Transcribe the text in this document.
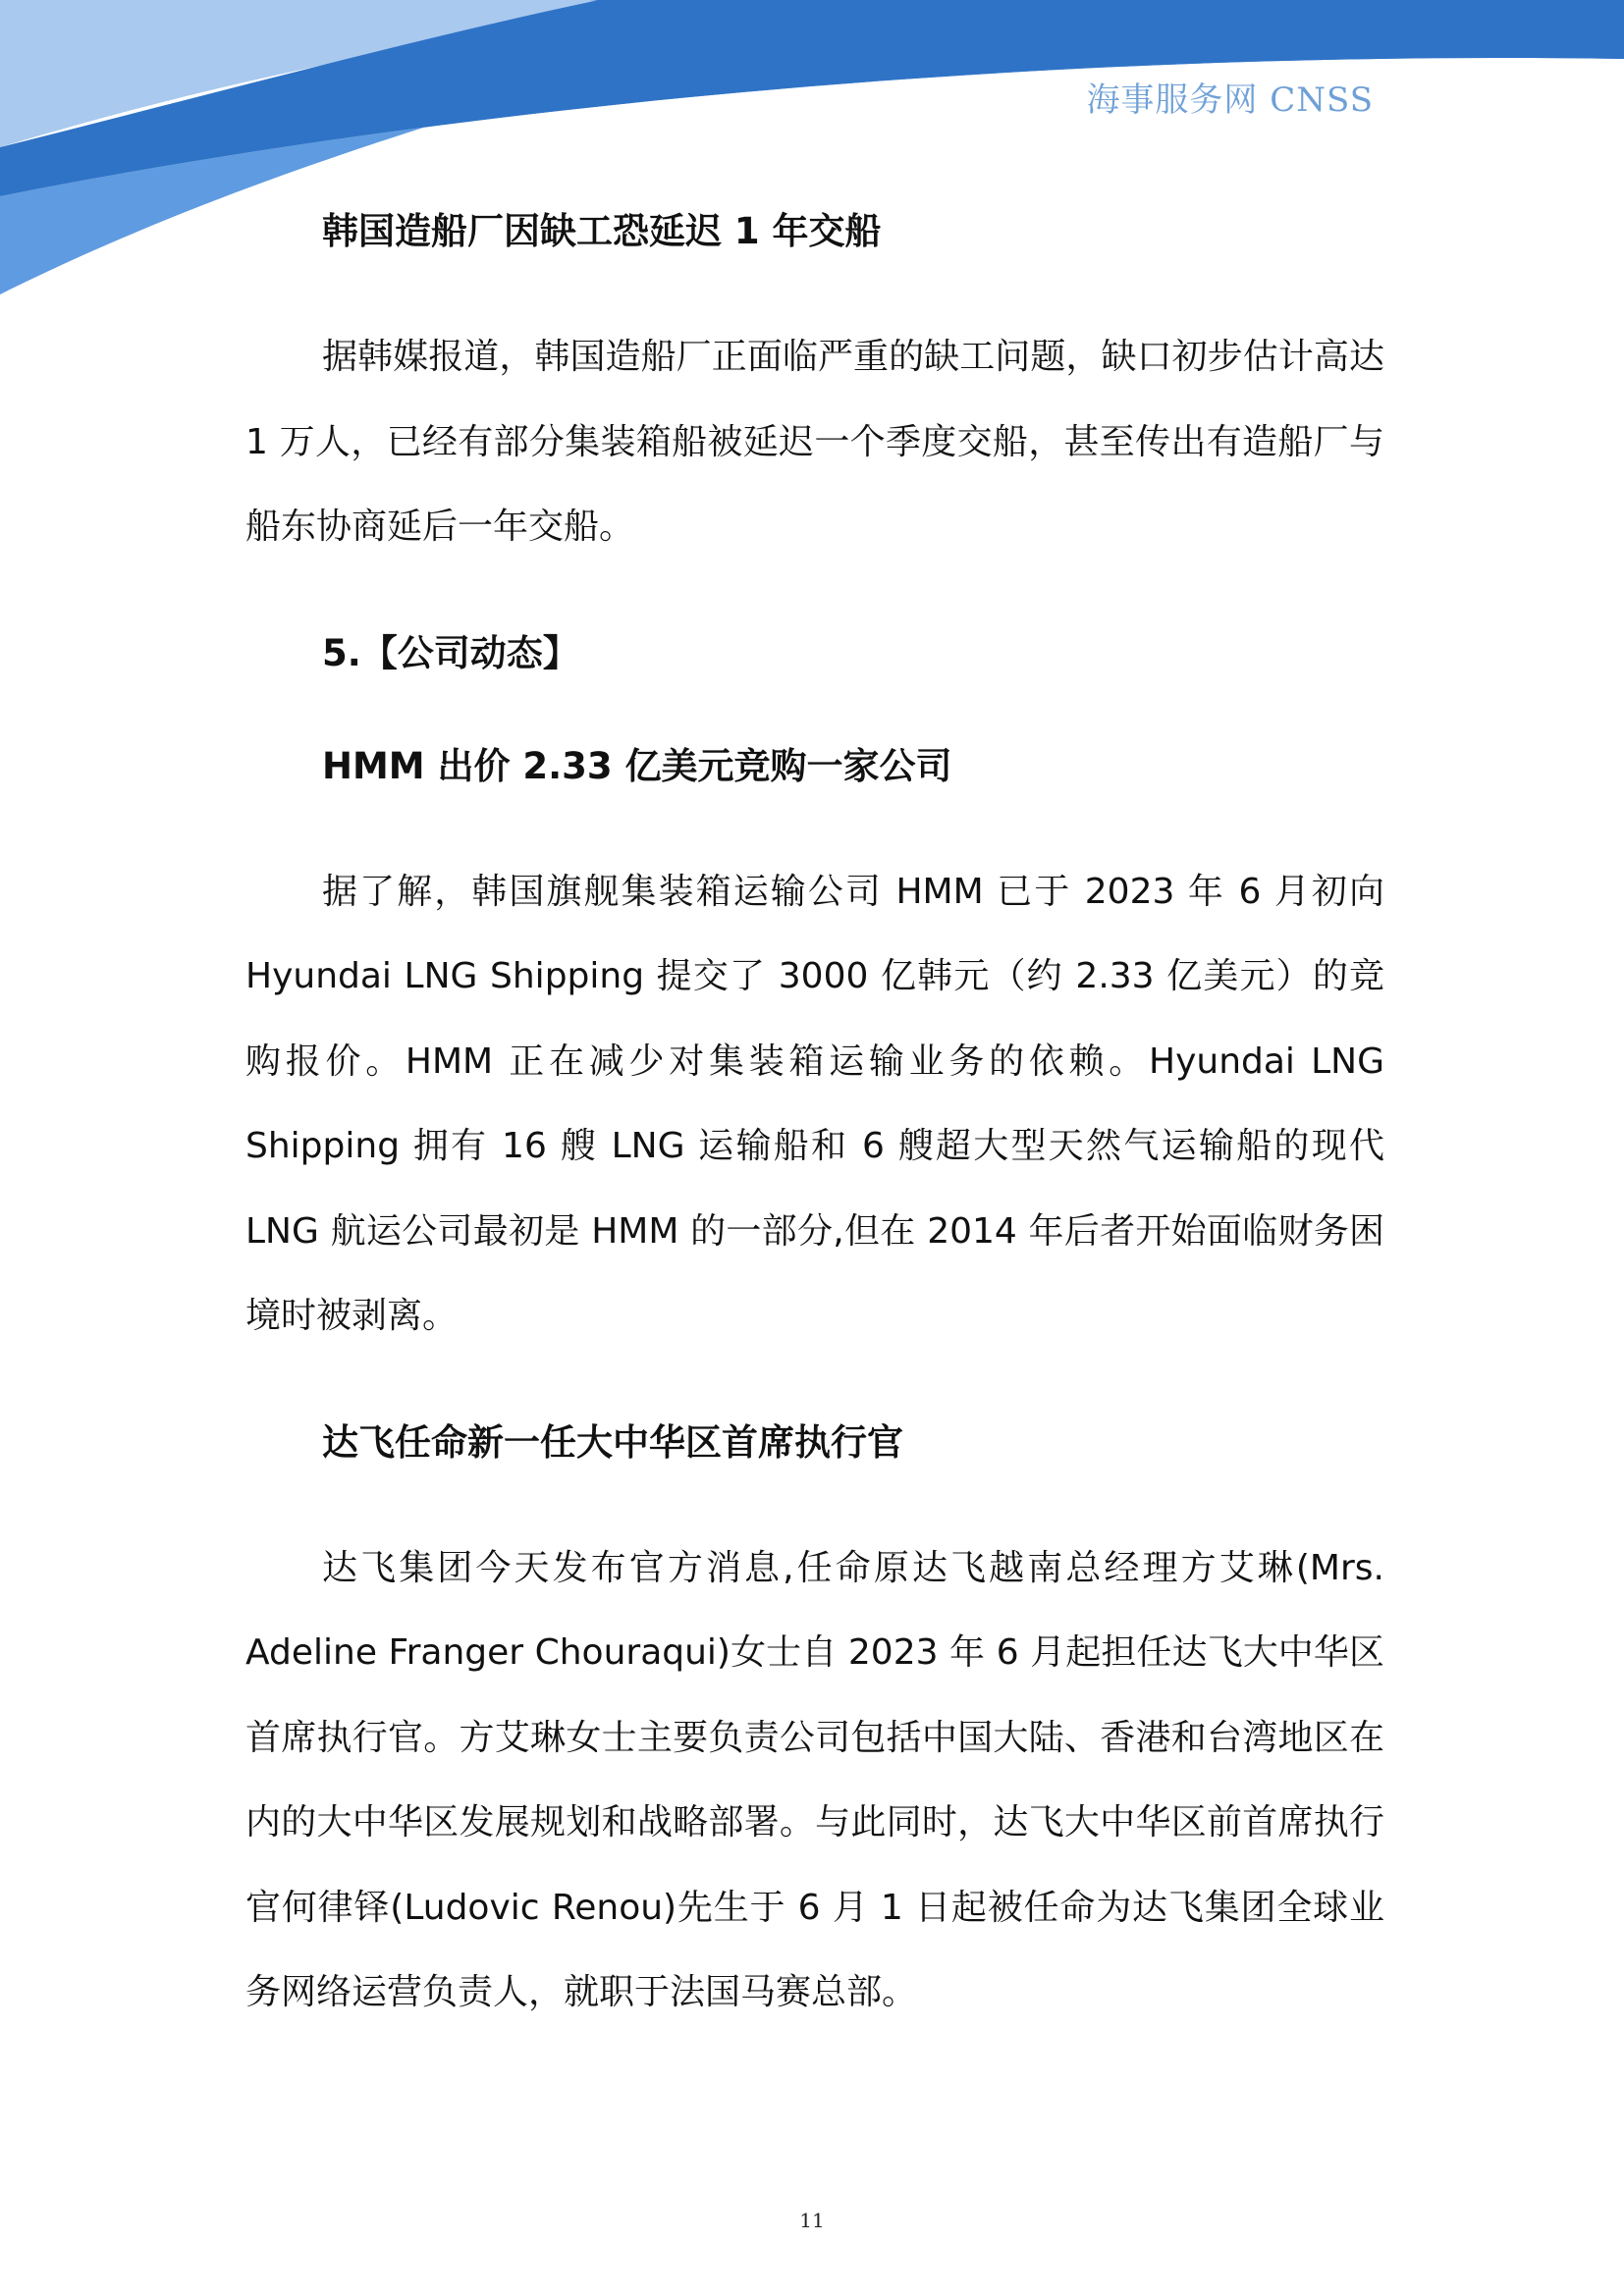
海事服务网 CNSS
韩国造船厂因缺工恐延迟 1 年交船

据韩媒报道，韩国造船厂正面临严重的缺工问题，缺口初步估计高达 1 万人，已经有部分集装箱船被延迟一个季度交船，甚至传出有造船厂与船东协商延后一年交船。

5.【公司动态】
HMM 出价 2.33 亿美元竞购一家公司

据了解，韩国旗舰集装箱运输公司 HMM 已于 2023 年 6 月初向 Hyundai LNG Shipping 提交了 3000 亿韩元（约 2.33 亿美元）的竞购报价。HMM 正在减少对集装箱运输业务的依赖。Hyundai LNG Shipping 拥有 16 艘 LNG 运输船和 6 艘超大型天然气运输船的现代 LNG 航运公司最初是 HMM 的一部分,但在 2014 年后者开始面临财务困境时被剥离。

达飞任命新一任大中华区首席执行官

达飞集团今天发布官方消息,任命原达飞越南总经理方艾琳(Mrs. Adeline Franger Chouraqui)女士自 2023 年 6 月起担任达飞大中华区首席执行官。方艾琳女士主要负责公司包括中国大陆、香港和台湾地区在内的大中华区发展规划和战略部署。与此同时，达飞大中华区前首席执行官何律铎(Ludovic Renou)先生于 6 月 1 日起被任命为达飞集团全球业务网络运营负责人，就职于法国马赛总部。

11
